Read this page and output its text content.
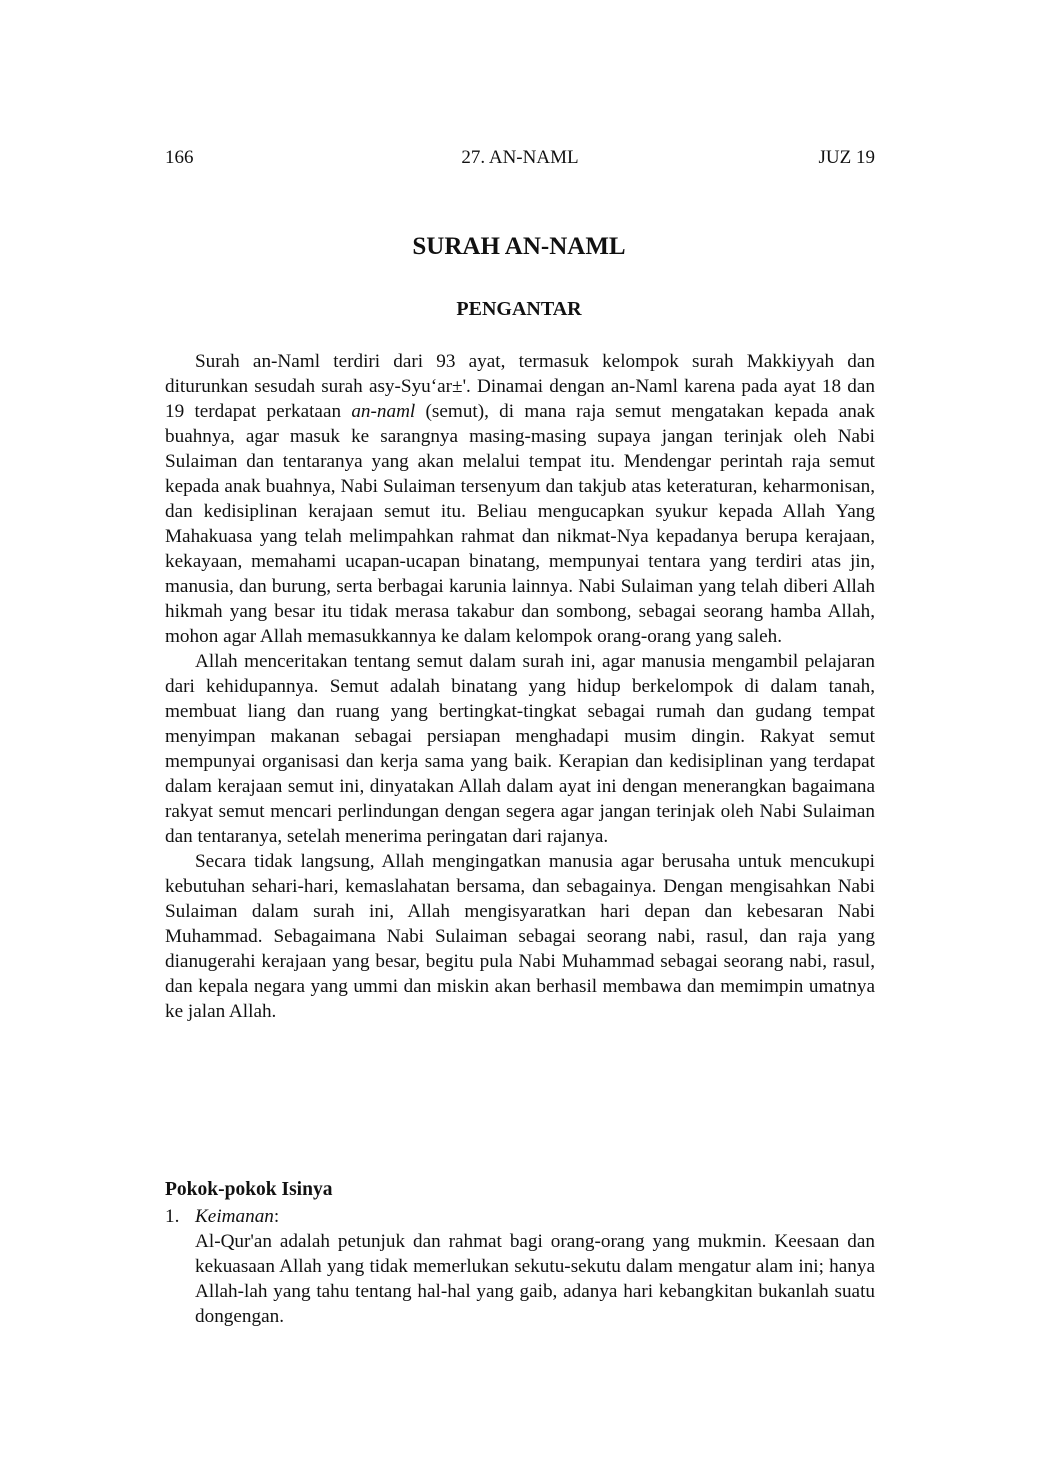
166	27. AN-NAML	JUZ 19
SURAH AN-NAML
PENGANTAR

Surah an-Naml terdiri dari 93 ayat, termasuk kelompok surah Makkiyyah dan diturunkan sesudah surah asy-Syu‘ar±'. Dinamai dengan an-Naml karena pada ayat 18 dan 19 terdapat perkataan an-naml (semut), di mana raja semut mengatakan kepada anak buahnya, agar masuk ke sarangnya masing-masing supaya jangan terinjak oleh Nabi Sulaiman dan tentaranya yang akan melalui tempat itu. Mendengar perintah raja semut kepada anak buahnya, Nabi Sulaiman tersenyum dan takjub atas keteraturan, keharmonisan, dan kedisiplinan kerajaan semut itu. Beliau mengucapkan syukur kepada Allah Yang Mahakuasa yang telah melimpahkan rahmat dan nikmat-Nya kepadanya berupa kerajaan, kekayaan, memahami ucapan-ucapan binatang, mempunyai tentara yang terdiri atas jin, manusia, dan burung, serta berbagai karunia lainnya. Nabi Sulaiman yang telah diberi Allah hikmah yang besar itu tidak merasa takabur dan sombong, sebagai seorang hamba Allah, mohon agar Allah memasukkannya ke dalam kelompok orang-orang yang saleh.

Allah menceritakan tentang semut dalam surah ini, agar manusia mengambil pelajaran dari kehidupannya. Semut adalah binatang yang hidup berkelompok di dalam tanah, membuat liang dan ruang yang bertingkat-tingkat sebagai rumah dan gudang tempat menyimpan makanan sebagai persiapan menghadapi musim dingin. Rakyat semut mempunyai organisasi dan kerja sama yang baik. Kerapian dan kedisiplinan yang terdapat dalam kerajaan semut ini, dinyatakan Allah dalam ayat ini dengan menerangkan bagaimana rakyat semut mencari perlindungan dengan segera agar jangan terinjak oleh Nabi Sulaiman dan tentaranya, setelah menerima peringatan dari rajanya.

Secara tidak langsung, Allah mengingatkan manusia agar berusaha untuk mencukupi kebutuhan sehari-hari, kemaslahatan bersama, dan sebagainya. Dengan mengisahkan Nabi Sulaiman dalam surah ini, Allah mengisyaratkan hari depan dan kebesaran Nabi Muhammad. Sebagaimana Nabi Sulaiman sebagai seorang nabi, rasul, dan raja yang dianugerahi kerajaan yang besar, begitu pula Nabi Muhammad sebagai seorang nabi, rasul, dan kepala negara yang ummi dan miskin akan berhasil membawa dan memimpin umatnya ke jalan Allah.

Pokok-pokok Isinya
1. Keimanan:
Al-Qur'an adalah petunjuk dan rahmat bagi orang-orang yang mukmin. Keesaan dan kekuasaan Allah yang tidak memerlukan sekutu-sekutu dalam mengatur alam ini; hanya Allah-lah yang tahu tentang hal-hal yang gaib, adanya hari kebangkitan bukanlah suatu dongengan.
